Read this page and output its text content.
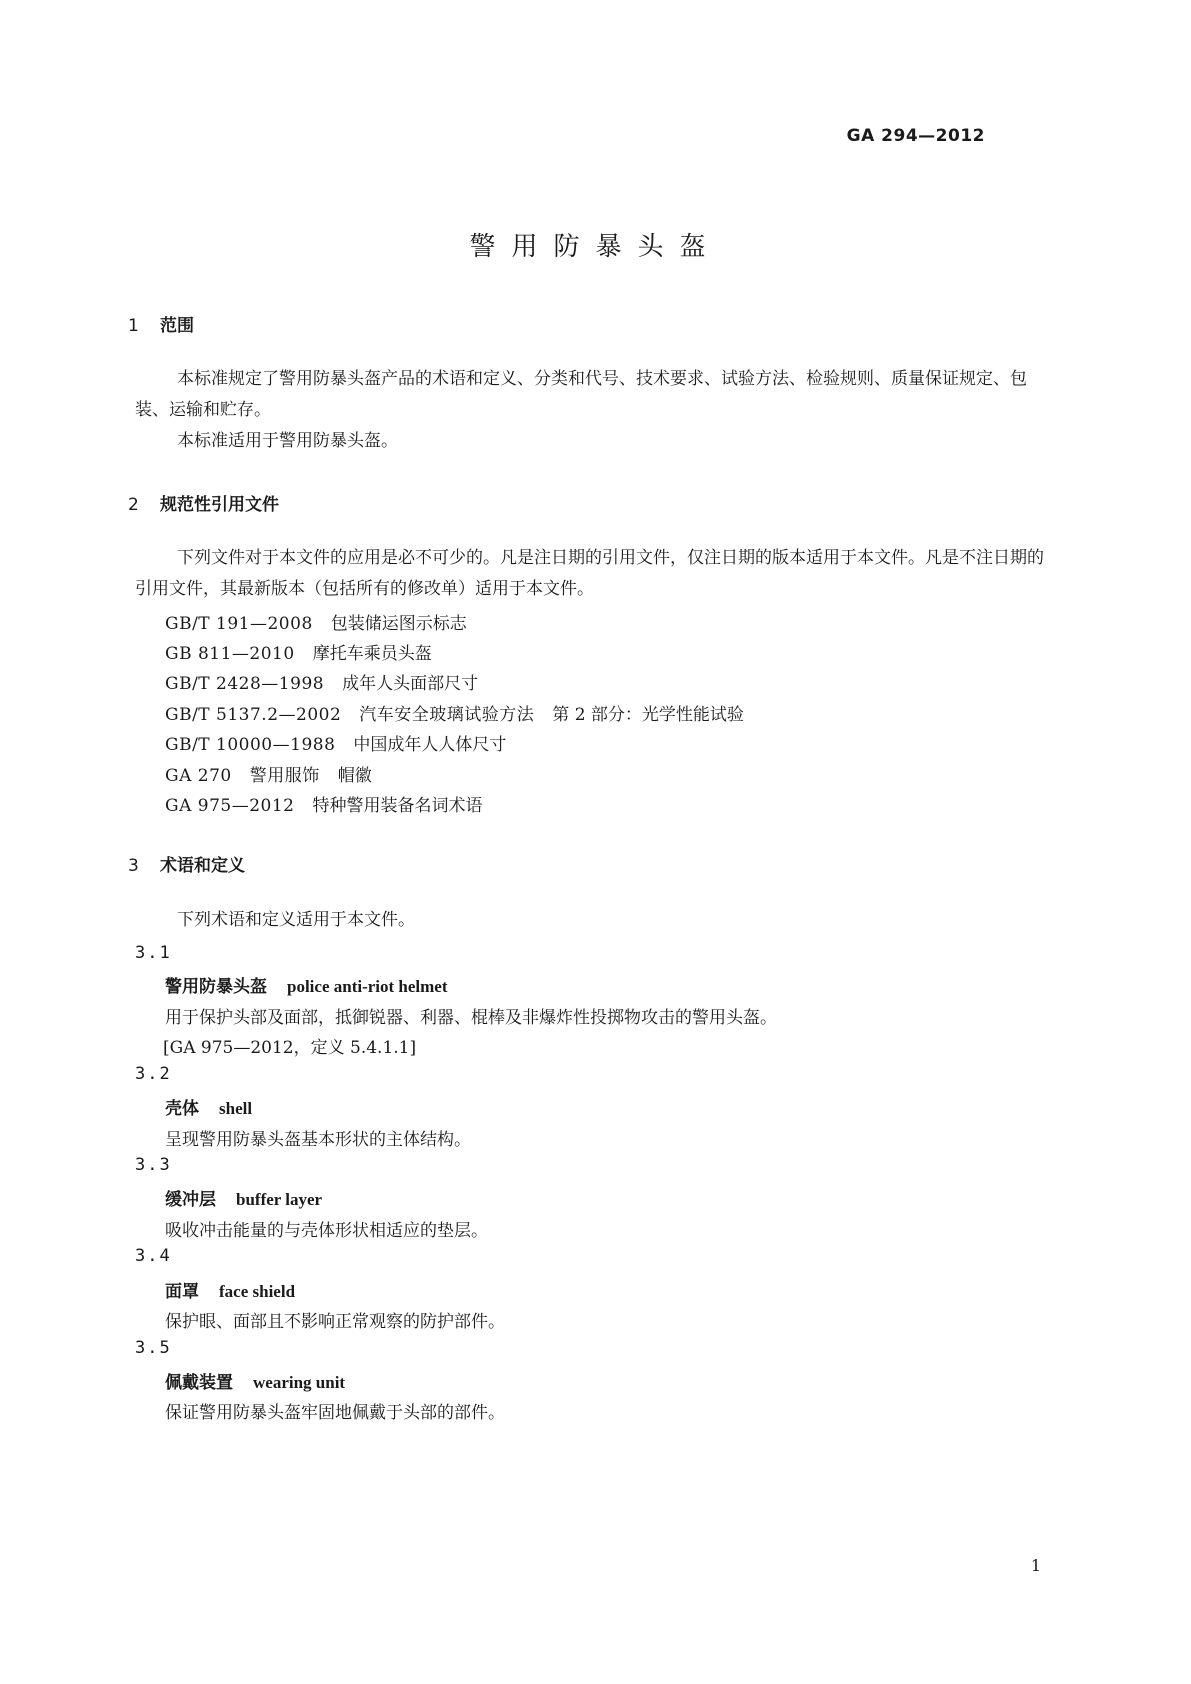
GA 294—2012
警用防暴头盔
1 范围
本标准规定了警用防暴头盔产品的术语和定义、分类和代号、技术要求、试验方法、检验规则、质量保证规定、包装、运输和贮存。
本标准适用于警用防暴头盔。
2 规范性引用文件
下列文件对于本文件的应用是必不可少的。凡是注日期的引用文件，仅注日期的版本适用于本文件。凡是不注日期的引用文件，其最新版本（包括所有的修改单）适用于本文件。
GB/T 191—2008 包装储运图示标志
GB 811—2010 摩托车乘员头盔
GB/T 2428—1998 成年人头面部尺寸
GB/T 5137.2—2002 汽车安全玻璃试验方法 第 2 部分：光学性能试验
GB/T 10000—1988 中国成年人人体尺寸
GA 270 警用服饰 帽徽
GA 975—2012 特种警用装备名词术语
3 术语和定义
下列术语和定义适用于本文件。
3.1
警用防暴头盔 police anti-riot helmet
用于保护头部及面部，抵御锐器、利器、棍棒及非爆炸性投掷物攻击的警用头盔。
[GA 975—2012，定义 5.4.1.1]
3.2
壳体 shell
呈现警用防暴头盔基本形状的主体结构。
3.3
缓冲层 buffer layer
吸收冲击能量的与壳体形状相适应的垫层。
3.4
面罩 face shield
保护眼、面部且不影响正常观察的防护部件。
3.5
佩戴装置 wearing unit
保证警用防暴头盔牢固地佩戴于头部的部件。
1
